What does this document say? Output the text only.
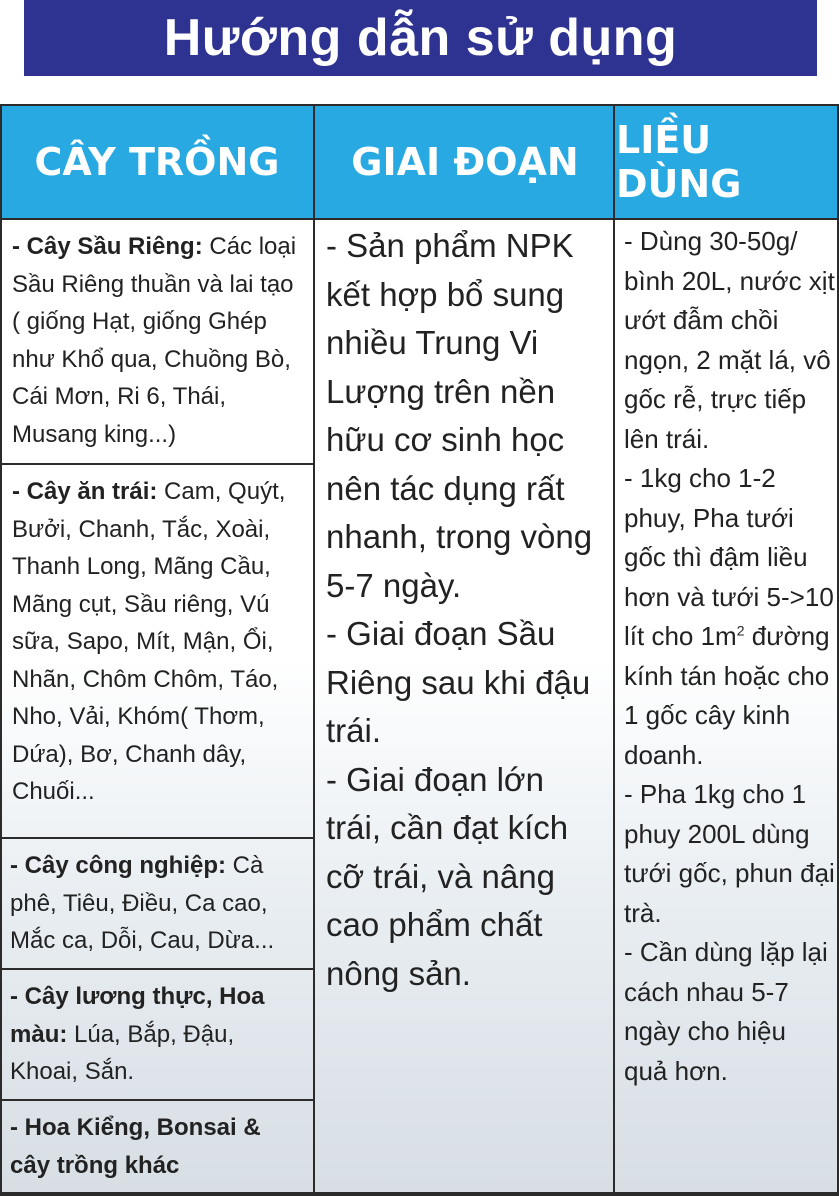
Hướng dẫn sử dụng
CÂY TRỒNG	GIAI ĐOẠN LIỀU DÙNG
- Cây Sầu Riêng: Các loại Sầu Riêng thuần và lai tạo ( giống Hạt, giống Ghép như Khổ qua, Chuồng Bò, Cái Mơn, Ri 6, Thái, Musang king...)
- Cây ăn trái: Cam, Quýt, Bưởi, Chanh, Tắc, Xoài, Thanh Long, Mãng Cầu, Mãng cụt, Sầu riêng, Vú sữa, Sapo, Mít, Mận, Ổi, Nhãn, Chôm Chôm, Táo, Nho, Vải, Khóm( Thơm, Dứa), Bơ, Chanh dây, Chuối...
- Cây công nghiệp: Cà phê, Tiêu, Điều, Ca cao, Mắc ca, Dỗi, Cau, Dừa...
- Cây lương thực, Hoa màu: Lúa, Bắp, Đậu, Khoai, Sắn.
- Hoa Kiểng, Bonsai & cây trồng khác
- Sản phẩm NPK kết hợp bổ sung nhiều Trung Vi Lượng trên nền hữu cơ sinh học nên tác dụng rất nhanh, trong vòng 5-7 ngày.
- Giai đoạn Sầu Riêng sau khi đậu trái.
- Giai đoạn lớn trái, cần đạt kích cỡ trái, và nâng cao phẩm chất nông sản.
- Dùng 30-50g/ bình 20L, nước xịt ướt đẫm chồi ngọn, 2 mặt lá, vô gốc rễ, trực tiếp lên trái.
- 1kg cho 1-2 phuy, Pha tưới gốc thì đậm liều hơn và tưới 5->10 lít cho $1m^2$ đường kính tán hoặc cho 1 gốc cây kinh doanh.
- Pha 1kg cho 1 phuy 200L dùng tưới gốc, phun đại trà.
- Cần dùng lặp lại cách nhau 5-7 ngày cho hiệu quả hơn.
